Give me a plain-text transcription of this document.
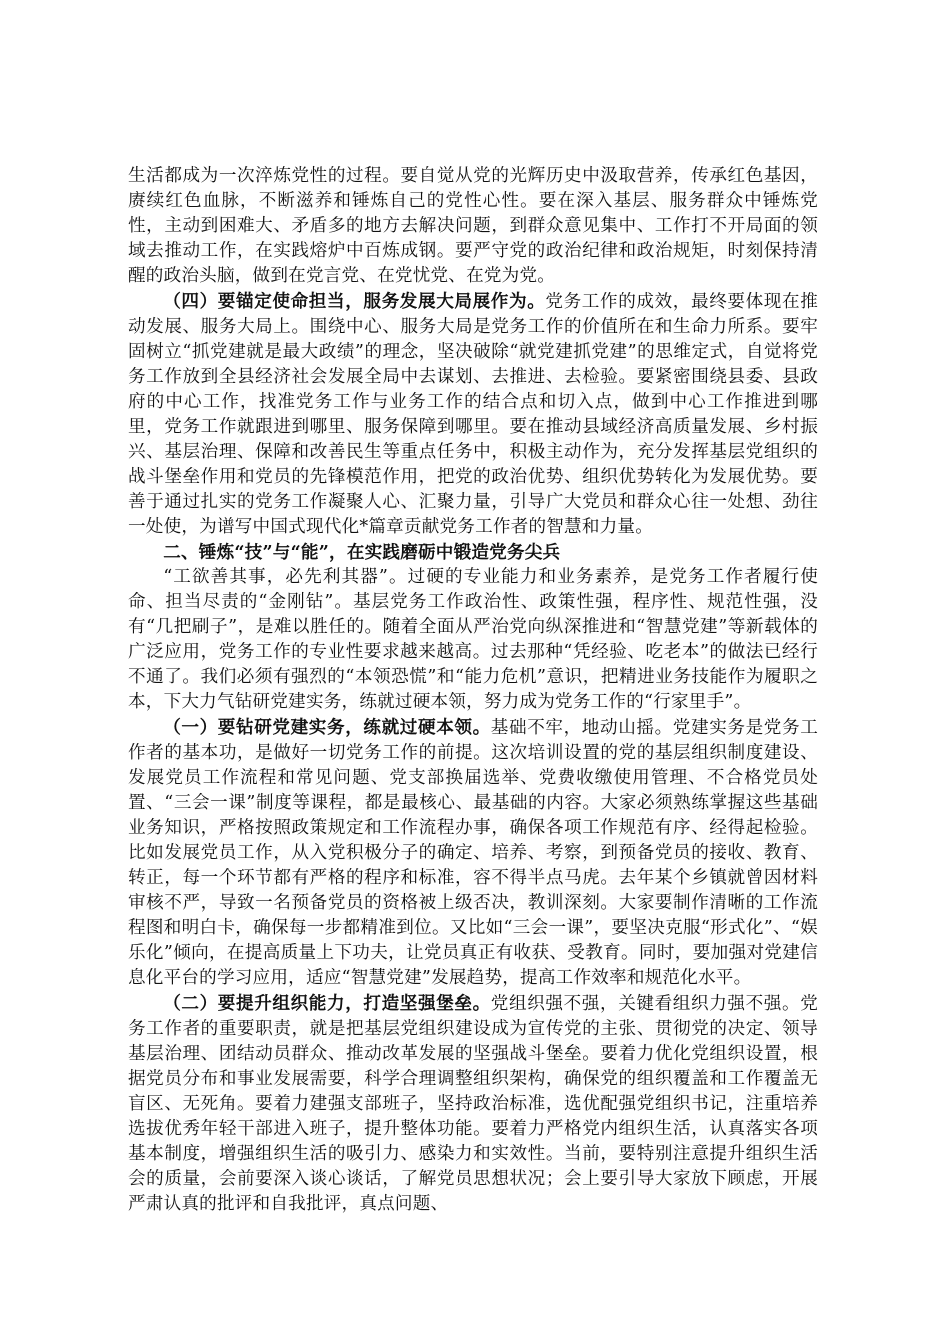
生活都成为一次淬炼党性的过程。要自觉从党的光辉历史中汲取营养，传承红色基因，赓续红色血脉，不断滋养和锤炼自己的党性心性。要在深入基层、服务群众中锤炼党性，主动到困难大、矛盾多的地方去解决问题，到群众意见集中、工作打不开局面的领域去推动工作，在实践熔炉中百炼成钢。要严守党的政治纪律和政治规矩，时刻保持清醒的政治头脑，做到在党言党、在党忧党、在党为党。

（四）要锚定使命担当，服务发展大局展作为。党务工作的成效，最终要体现在推动发展、服务大局上。围绕中心、服务大局是党务工作的价值所在和生命力所系。要牢固树立“抓党建就是最大政绩”的理念，坚决破除“就党建抓党建”的思维定式，自觉将党务工作放到全县经济社会发展全局中去谋划、去推进、去检验。要紧密围绕县委、县政府的中心工作，找准党务工作与业务工作的结合点和切入点，做到中心工作推进到哪里，党务工作就跟进到哪里、服务保障到哪里。要在推动县域经济高质量发展、乡村振兴、基层治理、保障和改善民生等重点任务中，积极主动作为，充分发挥基层党组织的战斗堡垒作用和党员的先锋模范作用，把党的政治优势、组织优势转化为发展优势。要善于通过扎实的党务工作凝聚人心、汇聚力量，引导广大党员和群众心往一处想、劲往一处使，为谱写中国式现代化*篇章贡献党务工作者的智慧和力量。

二、锤炼“技”与“能”，在实践磨砺中锻造党务尖兵

“工欲善其事，必先利其器”。过硬的专业能力和业务素养，是党务工作者履行使命、担当尽责的“金刚钻”。基层党务工作政治性、政策性强，程序性、规范性强，没有“几把刷子”，是难以胜任的。随着全面从严治党向纵深推进和“智慧党建”等新载体的广泛应用，党务工作的专业性要求越来越高。过去那种“凭经验、吃老本”的做法已经行不通了。我们必须有强烈的“本领恐慌”和“能力危机”意识，把精进业务技能作为履职之本，下大力气钻研党建实务，练就过硬本领，努力成为党务工作的“行家里手”。

（一）要钻研党建实务，练就过硬本领。基础不牢，地动山摇。党建实务是党务工作者的基本功，是做好一切党务工作的前提。这次培训设置的党的基层组织制度建设、发展党员工作流程和常见问题、党支部换届选举、党费收缴使用管理、不合格党员处置、“三会一课”制度等课程，都是最核心、最基础的内容。大家必须熟练掌握这些基础业务知识，严格按照政策规定和工作流程办事，确保各项工作规范有序、经得起检验。比如发展党员工作，从入党积极分子的确定、培养、考察，到预备党员的接收、教育、转正，每一个环节都有严格的程序和标准，容不得半点马虎。去年某个乡镇就曾因材料审核不严，导致一名预备党员的资格被上级否决，教训深刻。大家要制作清晰的工作流程图和明白卡，确保每一步都精准到位。又比如“三会一课”，要坚决克服“形式化”、“娱乐化”倾向，在提高质量上下功夫，让党员真正有收获、受教育。同时，要加强对党建信息化平台的学习应用，适应“智慧党建”发展趋势，提高工作效率和规范化水平。

（二）要提升组织能力，打造坚强堡垒。党组织强不强，关键看组织力强不强。党务工作者的重要职责，就是把基层党组织建设成为宣传党的主张、贯彻党的决定、领导基层治理、团结动员群众、推动改革发展的坚强战斗堡垒。要着力优化党组织设置，根据党员分布和事业发展需要，科学合理调整组织架构，确保党的组织覆盖和工作覆盖无盲区、无死角。要着力建强支部班子，坚持政治标准，选优配强党组织书记，注重培养选拔优秀年轻干部进入班子，提升整体功能。要着力严格党内组织生活，认真落实各项基本制度，增强组织生活的吸引力、感染力和实效性。当前，要特别注意提升组织生活会的质量，会前要深入谈心谈话，了解党员思想状况；会上要引导大家放下顾虑，开展严肃认真的批评和自我批评，真点问题、
